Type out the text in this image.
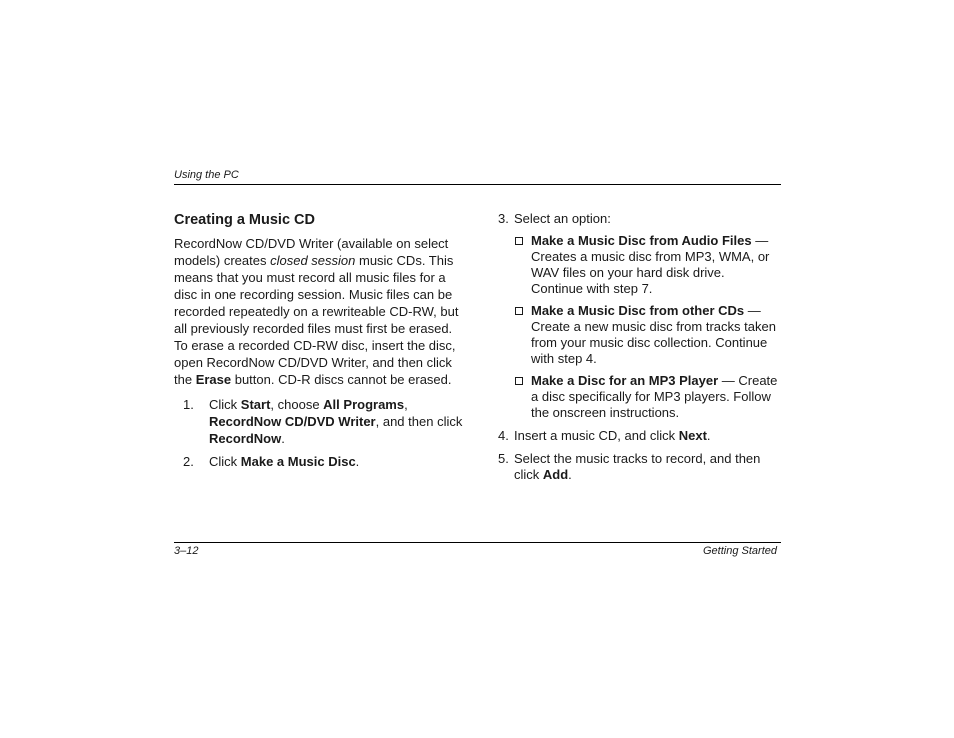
Using the PC
Creating a Music CD

RecordNow CD/DVD Writer (available on select models) creates closed session music CDs. This means that you must record all music files for a disc in one recording session. Music files can be recorded repeatedly on a rewriteable CD-RW, but all previously recorded files must first be erased. To erase a recorded CD-RW disc, insert the disc, open RecordNow CD/DVD Writer, and then click the Erase button. CD-R discs cannot be erased.

1. Click Start, choose All Programs, RecordNow CD/DVD Writer, and then click RecordNow.
2. Click Make a Music Disc.
3. Select an option:
Make a Music Disc from Audio Files — Creates a music disc from MP3, WMA, or WAV files on your hard disk drive. Continue with step 7.
Make a Music Disc from other CDs — Create a new music disc from tracks taken from your music disc collection. Continue with step 4.
Make a Disc for an MP3 Player — Create a disc specifically for MP3 players. Follow the onscreen instructions.
4. Insert a music CD, and click Next.
5. Select the music tracks to record, and then click Add.
3–12	Getting Started
